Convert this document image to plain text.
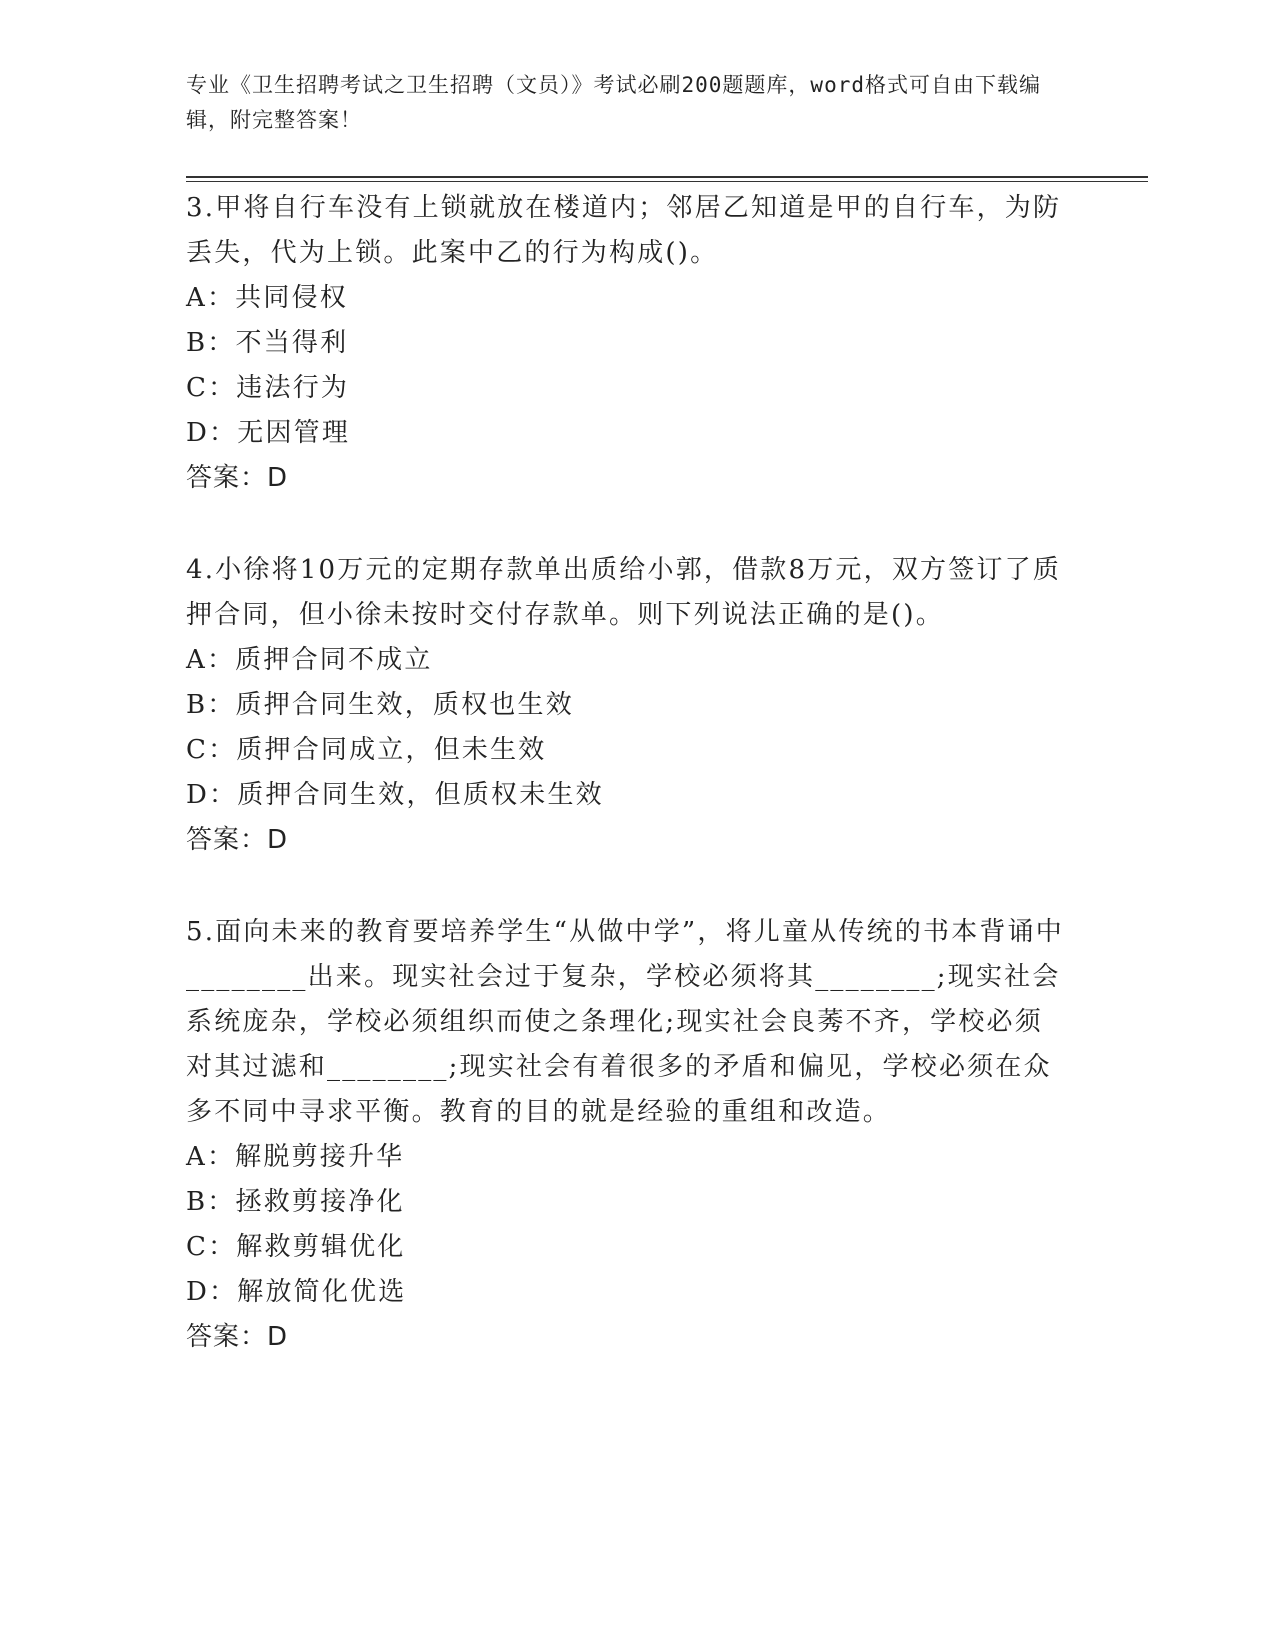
专业《卫生招聘考试之卫生招聘（文员）》考试必刷200题题库，word格式可自由下载编辑，附完整答案！
3.甲将自行车没有上锁就放在楼道内；邻居乙知道是甲的自行车，为防丢失，代为上锁。此案中乙的行为构成()。
A：共同侵权
B：不当得利
C：违法行为
D：无因管理
答案：D
4.小徐将10万元的定期存款单出质给小郭，借款8万元，双方签订了质押合同，但小徐未按时交付存款单。则下列说法正确的是()。
A：质押合同不成立
B：质押合同生效，质权也生效
C：质押合同成立，但未生效
D：质押合同生效，但质权未生效
答案：D
5.面向未来的教育要培养学生“从做中学”，将儿童从传统的书本背诵中________出来。现实社会过于复杂，学校必须将其________;现实社会系统庞杂，学校必须组织而使之条理化;现实社会良莠不齐，学校必须对其过滤和________;现实社会有着很多的矛盾和偏见，学校必须在众多不同中寻求平衡。教育的目的就是经验的重组和改造。
A：解脱剪接升华
B：拯救剪接净化
C：解救剪辑优化
D：解放简化优选
答案：D
